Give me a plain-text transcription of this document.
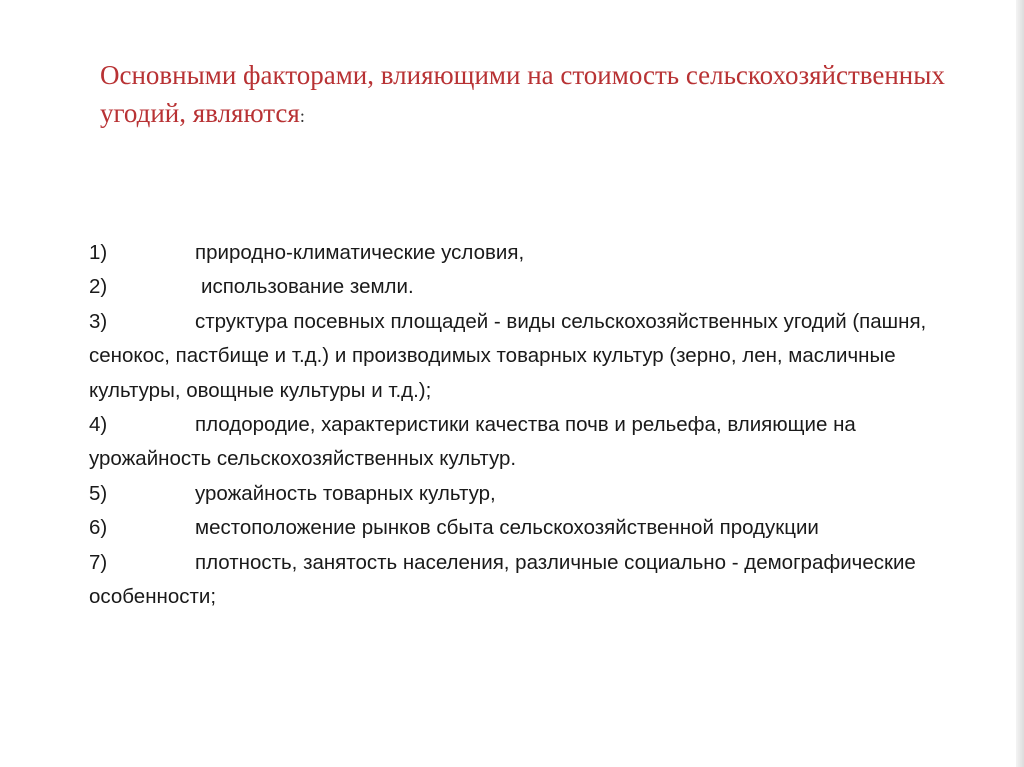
Основными факторами, влияющими на стоимость сельскохозяйственных угодий, являются:
1)	природно-климатические условия,
2)	использование земли.
3)	структура посевных площадей - виды сельскохозяйственных угодий (пашня, сенокос, пастбище и т.д.) и производимых товарных культур (зерно, лен, масличные культуры, овощные культуры и т.д.);
4)	плодородие, характеристики качества почв и рельефа, влияющие на урожайность сельскохозяйственных культур.
5)	урожайность товарных культур,
6)	местоположение рынков сбыта сельскохозяйственной продукции
7)	плотность, занятость населения, различные социально - демографические особенности;
